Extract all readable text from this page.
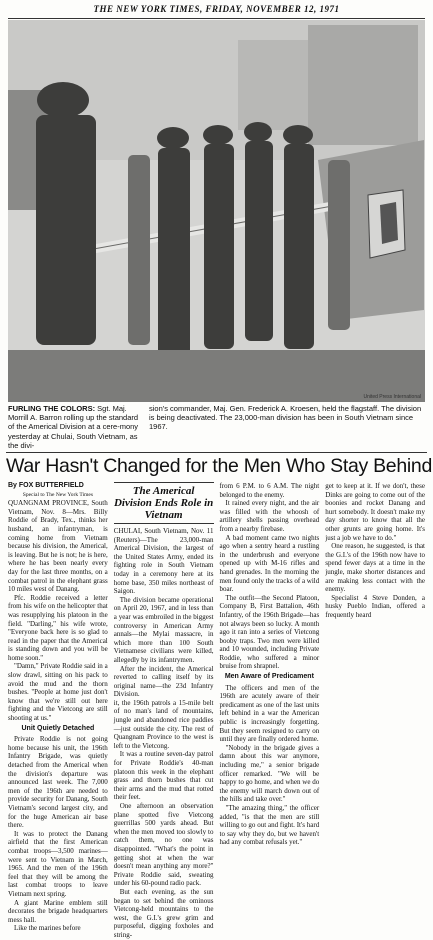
THE NEW YORK TIMES, FRIDAY, NOVEMBER 12, 1971
United Press International

FURLING THE COLORS: Sgt. Maj. Morrill A. Barron rolling up the standard of the Americal Division at a cere-mony yesterday at Chulai, South Vietnam, as the divi-

sion's commander, Maj. Gen. Frederick A. Kroesen, held the flagstaff. The division is being deactivated. The 23,000-man division has been in South Vietnam since 1967.

War Hasn't Changed for the Men Who Stay Behind

By FOX BUTTERFIELD

Special to The New York Times

QUANGNAM PROVINCE, South Vietnam, Nov. 8—Mrs. Billy Roddie of Brady, Tex., thinks her husband, an infantryman, is coming home from Vietnam because his division, the Americal, is leaving. But he is not; he is here, where he has been nearly every day for the last three months, on a combat patrol in the elephant grass 10 miles west of Danang.

Pfc. Roddie received a letter from his wife on the helicopter that was resupplying his platoon in the field. "Darling," his wife wrote, "Everyone back here is so glad to read in the paper that the Americal is standing down and you will be home soon."

"Damn," Private Roddie said in a slow drawl, sitting on his pack to avoid the mud and the thorn bushes. "People at home just don't know that we're still out here fighting and the Vietcong are still shooting at us."

Unit Quietly Detached

Private Roddie is not going home because his unit, the 196th Infantry Brigade, was quietly detached from the Americal when the division's departure was announced last week. The 7,000 men of the 196th are needed to provide security for Danang, South Vietnam's second largest city, and for the huge American air base there.

It was to protect the Danang airfield that the first American combat troops—3,500 marines—were sent to Vietnam in March, 1965. And the men of the 196th feel that they will be among the last combat troops to leave Vietnam next spring.

A giant Marine emblem still decorates the brigade headquarters mess hall.

Like the marines before

The Americal Division Ends Role in Vietnam

CHULAI, South Vietnam, Nov. 11 (Reuters)—The 23,000-man Americal Division, the largest of the United States Army, ended its fighting role in South Vietnam today in a ceremony here at its home base, 350 miles northeast of Saigon.

The division became operational on April 20, 1967, and in less than a year was embroiled in the biggest controversy in American Army annals—the Mylai massacre, in which more than 100 South Vietnamese civilians were killed, allegedly by its infantrymen.

After the incident, the Americal reverted to calling itself by its original name—the 23d Infantry Division.

it, the 196th patrols a 15-mile belt of no man's land of mountains, jungle and abandoned rice paddies—just outside the city. The rest of Quangnam Province to the west is left to the Vietcong.

It was a routine seven-day patrol for Private Roddie's 40-man platoon this week in the elephant grass and thorn bushes that cut their arms and the mud that rotted their feet.

One afternoon an observation plane spotted five Vietcong guerrillas 500 yards ahead. But when the men moved too slowly to catch them, no one was disappointed. "What's the point in getting shot at when the war doesn't mean anything any more?" Private Roddie said, sweating under his 60-pound radio pack.

But each evening, as the sun began to set behind the ominous Vietcong-held mountains to the west, the G.I.'s grew grim and purposeful, digging foxholes and string-

from 6 P.M. to 6 A.M. The night belonged to the enemy.

It rained every night, and the air was filled with the whoosh of artillery shells passing overhead from a nearby firebase.

A bad moment came two nights ago when a sentry heard a rustling in the underbrush and everyone opened up with M-16 rifles and hand grenades. In the morning the men found only the tracks of a wild boar.

The outfit—the Second Platoon, Company B, First Battalion, 46th Infantry, of the 196th Brigade—has not always been so lucky. A month ago it ran into a series of Vietcong booby traps. Two men were killed and 10 wounded, including Private Roddie, who suffered a minor bruise from shrapnel.

Men Aware of Predicament

The officers and men of the 196th are acutely aware of their predicament as one of the last units left behind in a war the American public is increasingly forgetting. But they seem resigned to carry on until they are finally ordered home.

"Nobody in the brigade gives a damn about this war anymore, including me," a senior brigade officer remarked. "We will be happy to go home, and when we do the enemy will march down out of the hills and take over."

"The amazing thing," the officer added, "is that the men are still willing to go out and fight. It's hard to say why they do, but we haven't had any combat refusals yet."

get to keep at it. If we don't, these Dinks are going to come out of the boonies and rocket Danang and hurt somebody. It doesn't make my day shorter to know that all the other grunts are going home. It's just a job we have to do."

One reason, he suggested, is that the G.I.'s of the 196th now have to spend fewer days at a time in the jungle, make shorter distances and are making less contact with the enemy.

Specialist 4 Steve Donden, a husky Pueblo Indian, offered a frequently heard
